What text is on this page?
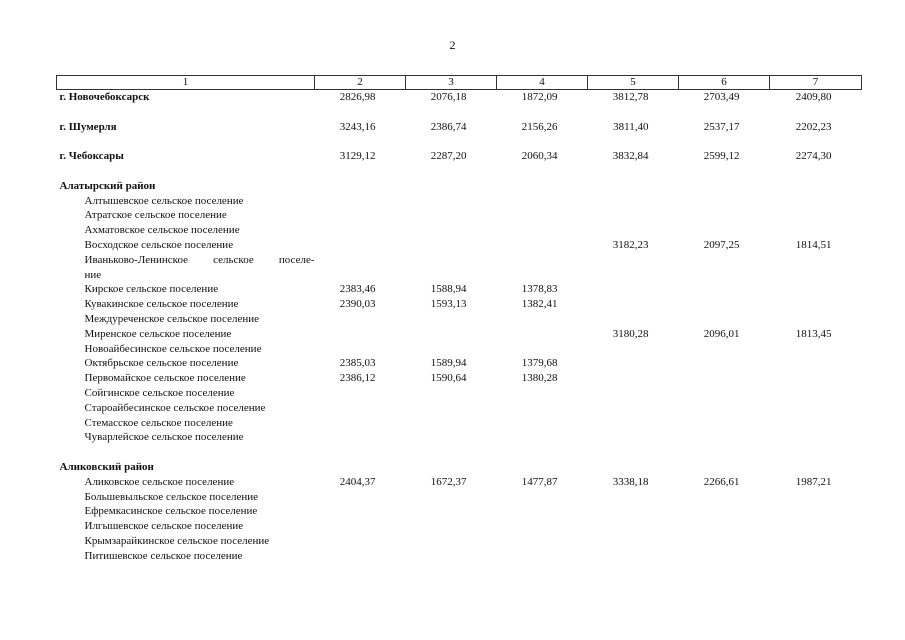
2
1	2	3	4	5	6	7
г. Новочебоксарск	2826,98	2076,18	1872,09	3812,78	2703,49	2409,80

г. Шумерля	3243,16	2386,74	2156,26	3811,40	2537,17	2202,23

г. Чебоксары	3129,12	2287,20	2060,34	3832,84	2599,12	2274,30

Алатырский район						
Алтышевское сельское поселение						
Атратское сельское поселение						
Ахматовское сельское поселение						
Восходское сельское поселение				3182,23	2097,25	1814,51
Иваньково-Ленинское сельское поселе-						
ние						
Кирское сельское поселение	2383,46	1588,94	1378,83			
Кувакинское сельское поселение	2390,03	1593,13	1382,41			
Междуреченское сельское поселение						
Миренское сельское поселение				3180,28	2096,01	1813,45
Новоайбесинское сельское поселение						
Октябрьское сельское поселение	2385,03	1589,94	1379,68			
Первомайское сельское поселение	2386,12	1590,64	1380,28			
Сойгинское сельское поселение						
Староайбесинское сельское поселение						
Стемасское сельское поселение						
Чуварлейское сельское поселение						

Аликовский район						
Аликовское сельское поселение	2404,37	1672,37	1477,87	3338,18	2266,61	1987,21
Большевыльское сельское поселение						
Ефремкасинское сельское поселение						
Илгышевское сельское поселение						
Крымзарайкинское сельское поселение						
Питишевское сельское поселение						
